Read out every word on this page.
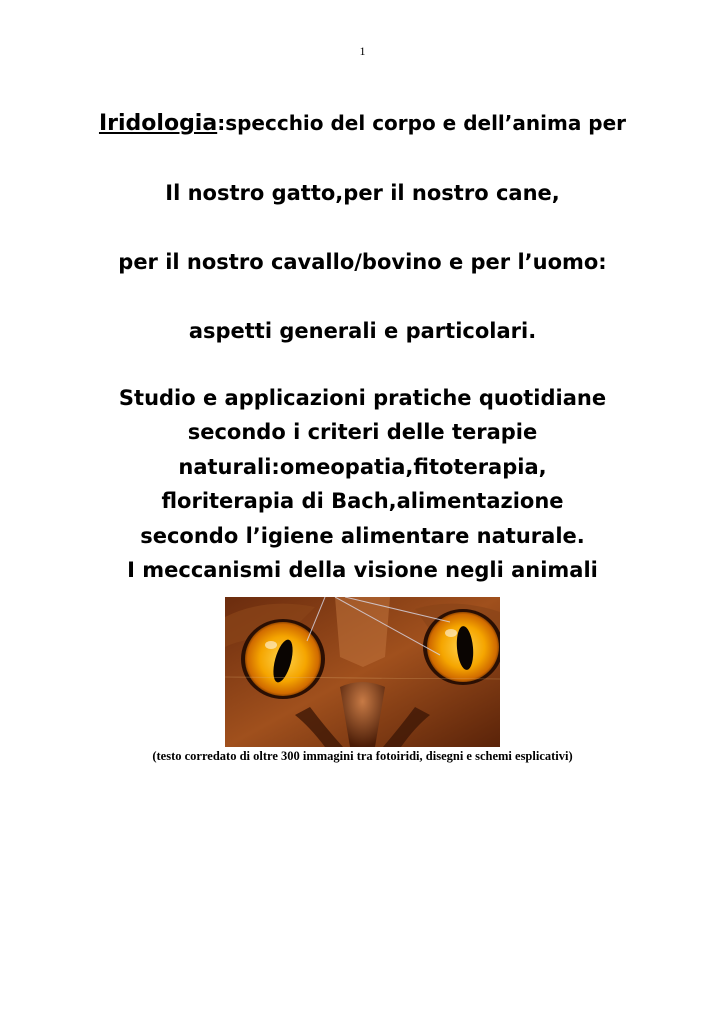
1
Iridologia:specchio del corpo e dell’anima per
Il nostro gatto,per il nostro cane,
per il nostro cavallo/bovino e per l’uomo:
aspetti generali e particolari.
Studio e applicazioni pratiche quotidiane
secondo i criteri delle terapie
naturali:omeopatia,fitoterapia,
floriterapia di Bach,alimentazione
secondo l’igiene alimentare naturale.
I meccanismi della visione negli animali
(testo corredato di oltre 300 immagini tra fotoiridi, disegni e schemi esplicativi)
